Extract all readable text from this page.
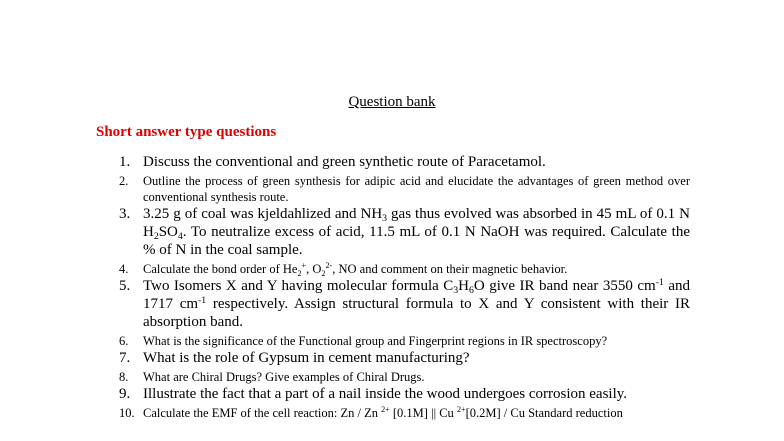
Question bank
Short answer type questions
1. Discuss the conventional and green synthetic route of Paracetamol.
2. Outline the process of green synthesis for adipic acid and elucidate the advantages of green method over conventional synthesis route.
3. 3.25 g of coal was kjeldahlized and $NH_3$ gas thus evolved was absorbed in 45 mL of 0.1 N $H_2SO_4$. To neutralize excess of acid, 11.5 mL of 0.1 N NaOH was required. Calculate the % of N in the coal sample.
4. Calculate the bond order of $He_2^+$, $O_2^{2-}$, NO and comment on their magnetic behavior.
5. Two Isomers X and Y having molecular formula $C_3H_6O$ give IR band near 3550 $cm^{-1}$ and 1717 $cm^{-1}$ respectively. Assign structural formula to X and Y consistent with their IR absorption band.
6. What is the significance of the Functional group and Fingerprint regions in IR spectroscopy?
7. What is the role of Gypsum in cement manufacturing?
8. What are Chiral Drugs? Give examples of Chiral Drugs.
9. Illustrate the fact that a part of a nail inside the wood undergoes corrosion easily.
10. Calculate the EMF of the cell reaction: Zn / Zn $^{2+}$ [0.1M] || Cu $^{2+}$[0.2M] / Cu Standard reduction
